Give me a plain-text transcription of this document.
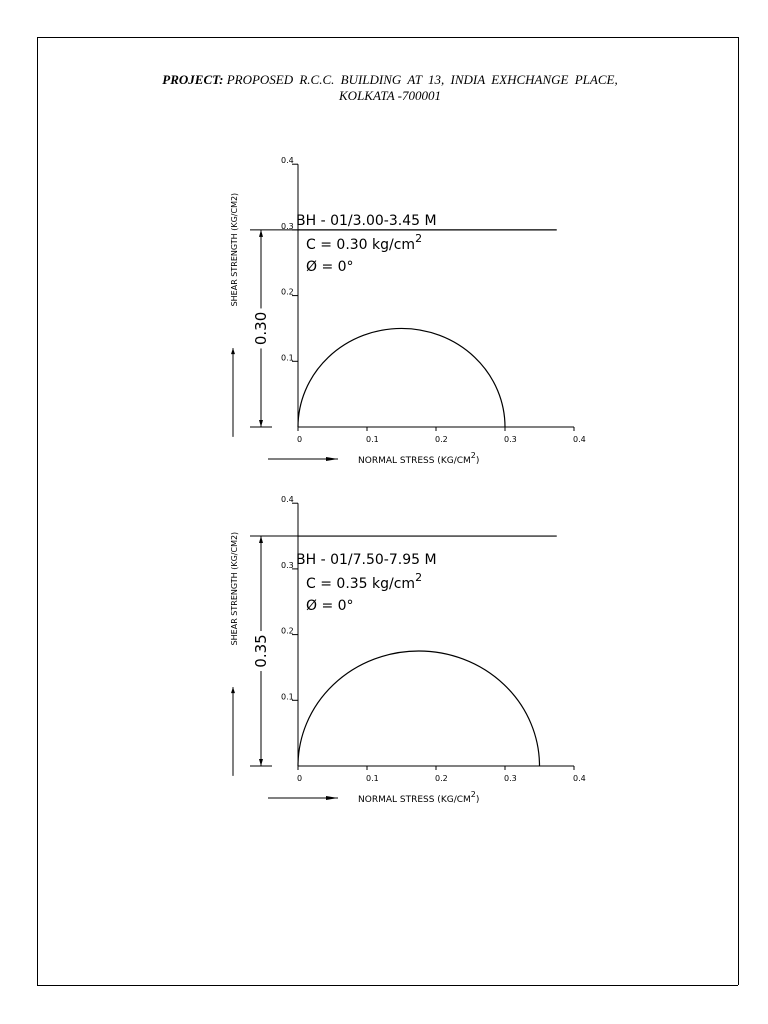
PROJECT: PROPOSED R.C.C. BUILDING AT 13, INDIA EXHCHANGE PLACE,
KOLKATA -700001
BH - 01/3.00-3.45 M
C = 0.30 $kg/cm^2$
Ø = 0°
0	0.1	0.2	0.3	0.4
0.1
0.2
0.3
0.4
0.30
SHEAR STRENGTH (KG/CM2)
NORMAL STRESS (KG/CM2)
BH - 01/7.50-7.95 M
C = 0.35 $kg/cm^2$
Ø = 0°
0	0.1	0.2	0.3	0.4
0.1
0.2
0.3
0.4
0.35
SHEAR STRENGTH (KG/CM2)
NORMAL STRESS (KG/CM2)
